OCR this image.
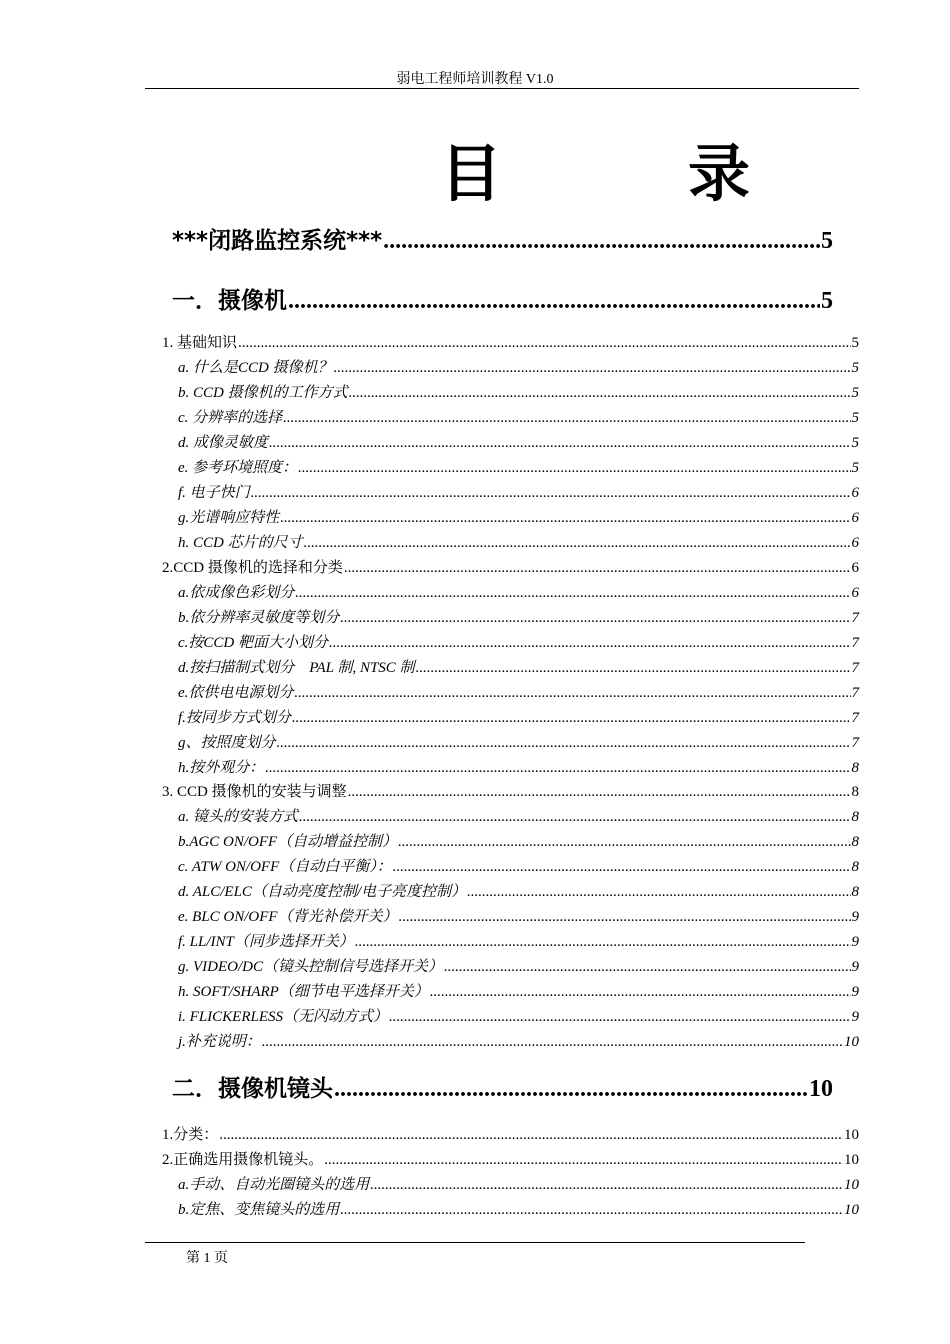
弱电工程师培训教程 V1.0
目	录
***闭路监控系统*** .....	5
一．摄像机 .....	5
1. 基础知识 .....	5
a. 什么是CCD 摄像机？ .....	5
b. CCD 摄像机的工作方式 .....	5
c. 分辨率的选择 .....	5
d. 成像灵敏度 .....	5
e. 参考环境照度： .....	5
f. 电子快门 .....	6
g.光谱响应特性 .....	6
h. CCD 芯片的尺寸 .....	6
2.CCD 摄像机的选择和分类 .....	6
a.依成像色彩划分 .....	6
b.依分辨率灵敏度等划分 .....	7
c.按CCD 靶面大小划分 .....	7
d.按扫描制式划分　PAL 制, NTSC 制 .....	7
e.依供电电源划分 .....	7
f.按同步方式划分 .....	7
g、按照度划分 .....	7
h.按外观分： .....	8
3. CCD 摄像机的安装与调整 .....	8
a. 镜头的安装方式 .....	8
b.AGC ON/OFF（自动增益控制） .....	8
c. ATW ON/OFF（自动白平衡）： .....	8
d. ALC/ELC（自动亮度控制/电子亮度控制） .....	8
e. BLC ON/OFF（背光补偿开关） .....	9
f. LL/INT（同步选择开关） .....	9
g. VIDEO/DC（镜头控制信号选择开关） .....	9
h. SOFT/SHARP（细节电平选择开关） .....	9
i. FLICKERLESS（无闪动方式） .....	9
j.补充说明： .....	10
二．摄像机镜头 .....	10
1.分类： .....	10
2.正确选用摄像机镜头。 .....	10
a.手动、自动光圈镜头的选用 .....	10
b.定焦、变焦镜头的选用 .....	10
第 1 页
